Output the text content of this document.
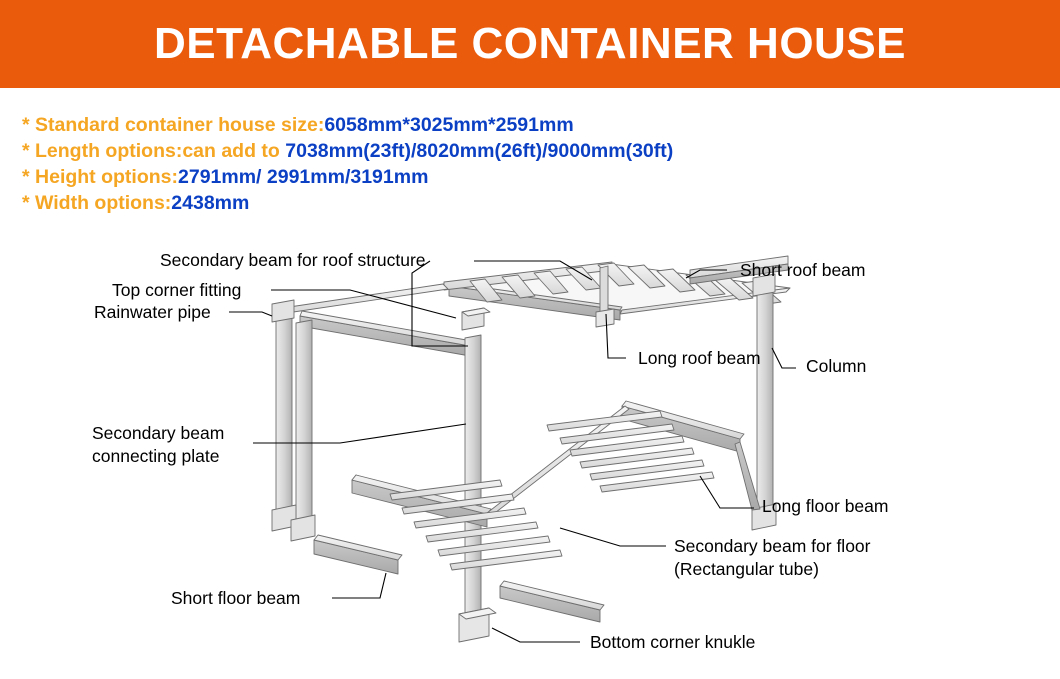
DETACHABLE CONTAINER HOUSE
* Standard container house size:6058mm*3025mm*2591mm
* Length options:can add to 7038mm(23ft)/8020mm(26ft)/9000mm(30ft)
* Height options:2791mm/ 2991mm/3191mm
* Width options:2438mm
Secondary beam for roof structure	Short roof beam
Top corner fitting
Rainwater pipe
Long roof beam	Column
Secondary beam
connecting plate
Long floor beam
Secondary beam for floor
(Rectangular tube)
Short floor beam
Bottom corner knukle
